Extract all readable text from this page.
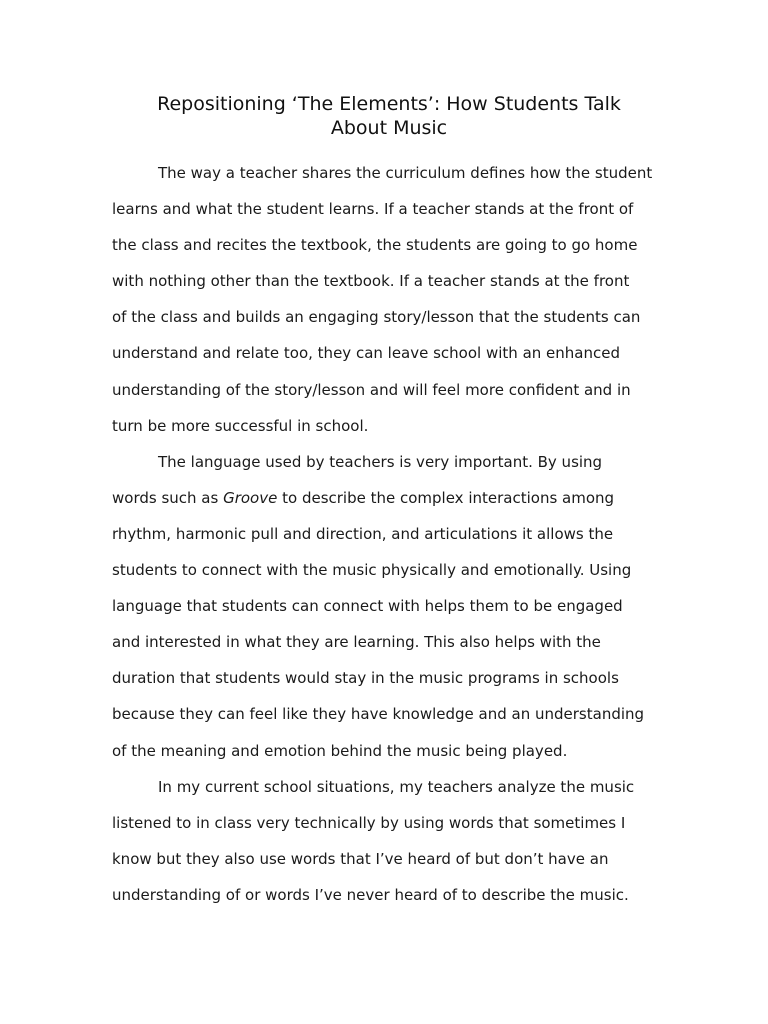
Repositioning ‘The Elements’: How Students Talk
About Music
The way a teacher shares the curriculum defines how the student
learns and what the student learns. If a teacher stands at the front of
the class and recites the textbook, the students are going to go home
with nothing other than the textbook. If a teacher stands at the front
of the class and builds an engaging story/lesson that the students can
understand and relate too, they can leave school with an enhanced
understanding of the story/lesson and will feel more confident and in
turn be more successful in school.
The language used by teachers is very important. By using
words such as Groove to describe the complex interactions among
rhythm, harmonic pull and direction, and articulations it allows the
students to connect with the music physically and emotionally. Using
language that students can connect with helps them to be engaged
and interested in what they are learning. This also helps with the
duration that students would stay in the music programs in schools
because they can feel like they have knowledge and an understanding
of the meaning and emotion behind the music being played.
In my current school situations, my teachers analyze the music
listened to in class very technically by using words that sometimes I
know but they also use words that I’ve heard of but don’t have an
understanding of or words I’ve never heard of to describe the music.
